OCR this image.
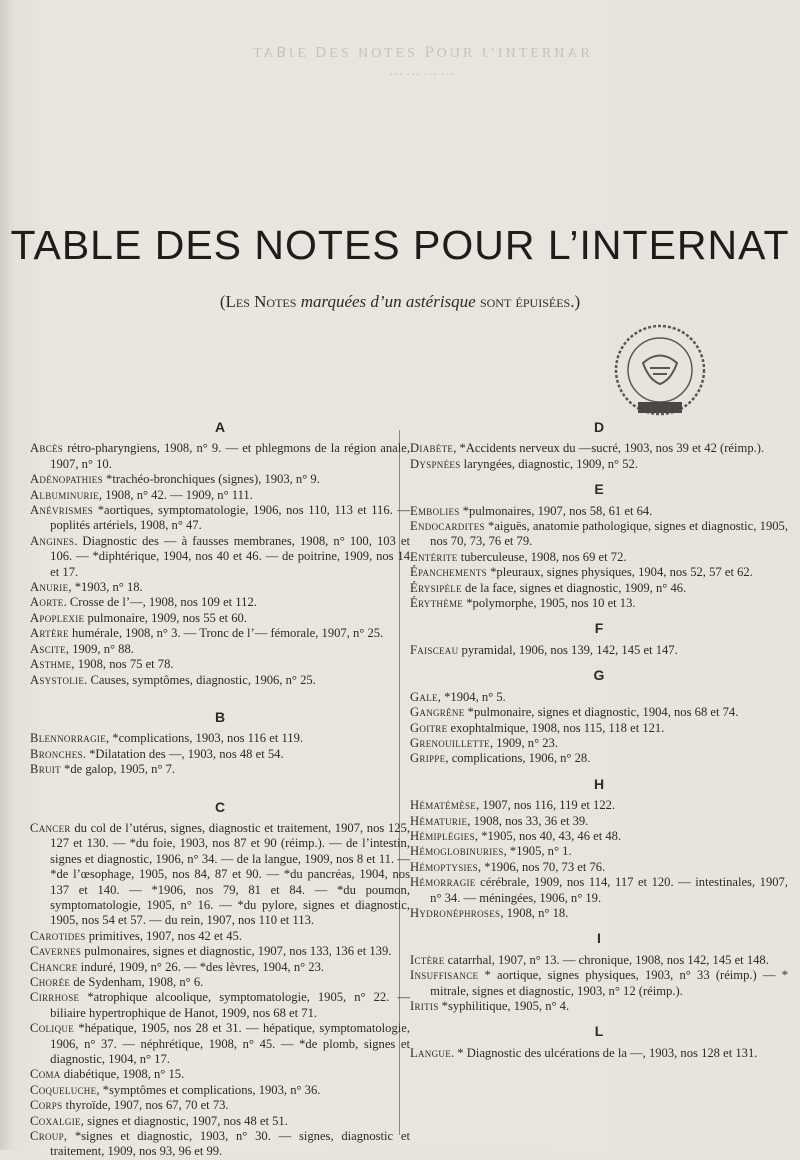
ЯAИЯƎTИI’J ЯUOꟼ ƧƎTOИ ƧƎᗡ ƎJꓭAT
…………
TABLE DES NOTES POUR L’INTERNAT
(Les Notes marquées d’un astérisque sont épuisées.)
A

Abcès rétro-pharyngiens, 1908, n° 9. — et phlegmons de la région anale, 1907, n° 10.

Adénopathies *trachéo-bronchiques (signes), 1903, n° 9.

Albuminurie, 1908, n° 42. — 1909, n° 111.

Anévrismes *aortiques, symptomatologie, 1906, nos 110, 113 et 116. — poplités artériels, 1908, n° 47.

Angines. Diagnostic des — à fausses membranes, 1908, n° 100, 103 et 106. — *diphtérique, 1904, nos 40 et 46. — de poitrine, 1909, nos 14 et 17.

Anurie, *1903, n° 18.

Aorte. Crosse de l’—, 1908, nos 109 et 112.

Apoplexie pulmonaire, 1909, nos 55 et 60.

Artère humérale, 1908, n° 3. — Tronc de l’— fémorale, 1907, n° 25.

Ascite, 1909, n° 88.

Asthme, 1908, nos 75 et 78.

Asystolie. Causes, symptômes, diagnostic, 1906, n° 25.

B

Blennorragie, *complications, 1903, nos 116 et 119.

Bronches. *Dilatation des —, 1903, nos 48 et 54.

Bruit *de galop, 1905, n° 7.

C

Cancer du col de l’utérus, signes, diagnostic et traitement, 1907, nos 125, 127 et 130. — *du foie, 1903, nos 87 et 90 (réimp.). — de l’intestin, signes et diagnostic, 1906, n° 34. — de la langue, 1909, nos 8 et 11. — *de l’œsophage, 1905, nos 84, 87 et 90. — *du pancréas, 1904, nos 137 et 140. — *1906, nos 79, 81 et 84. — *du poumon, symptomatologie, 1905, n° 16. — *du pylore, signes et diagnostic, 1905, nos 54 et 57. — du rein, 1907, nos 110 et 113.

Carotides primitives, 1907, nos 42 et 45.

Cavernes pulmonaires, signes et diagnostic, 1907, nos 133, 136 et 139.

Chancre induré, 1909, n° 26. — *des lèvres, 1904, n° 23.

Chorée de Sydenham, 1908, n° 6.

Cirrhose *atrophique alcoolique, symptomatologie, 1905, n° 22. — biliaire hypertrophique de Hanot, 1909, nos 68 et 71.

Colique *hépatique, 1905, nos 28 et 31. — hépatique, symptomatologie, 1906, n° 37. — néphrétique, 1908, n° 45. — *de plomb, signes et diagnostic, 1904, n° 17.

Coma diabétique, 1908, n° 15.

Coqueluche, *symptômes et complications, 1903, n° 36.

Corps thyroïde, 1907, nos 67, 70 et 73.

Coxalgie, signes et diagnostic, 1907, nos 48 et 51.

Croup, *signes et diagnostic, 1903, n° 30. — signes, diagnostic et traitement, 1909, nos 93, 96 et 99.

D

Diabète, *Accidents nerveux du —sucré, 1903, nos 39 et 42 (réimp.).

Dyspnées laryngées, diagnostic, 1909, n° 52.

E

Embolies *pulmonaires, 1907, nos 58, 61 et 64.

Endocardites *aiguës, anatomie pathologique, signes et diagnostic, 1905, nos 70, 73, 76 et 79.

Entérite tuberculeuse, 1908, nos 69 et 72.

Épanchements *pleuraux, signes physiques, 1904, nos 52, 57 et 62.

Érysipèle de la face, signes et diagnostic, 1909, n° 46.

Érythème *polymorphe, 1905, nos 10 et 13.

F

Faisceau pyramidal, 1906, nos 139, 142, 145 et 147.

G

Gale, *1904, n° 5.

Gangrène *pulmonaire, signes et diagnostic, 1904, nos 68 et 74.

Goitre exophtalmique, 1908, nos 115, 118 et 121.

Grenouillette, 1909, n° 23.

Grippe, complications, 1906, n° 28.

H

Hématémèse, 1907, nos 116, 119 et 122.

Hématurie, 1908, nos 33, 36 et 39.

Hémiplégies, *1905, nos 40, 43, 46 et 48.

Hémoglobinuries, *1905, n° 1.

Hémoptysies, *1906, nos 70, 73 et 76.

Hémorragie cérébrale, 1909, nos 114, 117 et 120. — intestinales, 1907, n° 34. — méningées, 1906, n° 19.

Hydronéphroses, 1908, n° 18.

I

Ictère catarrhal, 1907, n° 13. — chronique, 1908, nos 142, 145 et 148.

Insuffisance * aortique, signes physiques, 1903, n° 33 (réimp.) — * mitrale, signes et diagnostic, 1903, n° 12 (réimp.).

Iritis *syphilitique, 1905, n° 4.

L

Langue. * Diagnostic des ulcérations de la —, 1903, nos 128 et 131.
